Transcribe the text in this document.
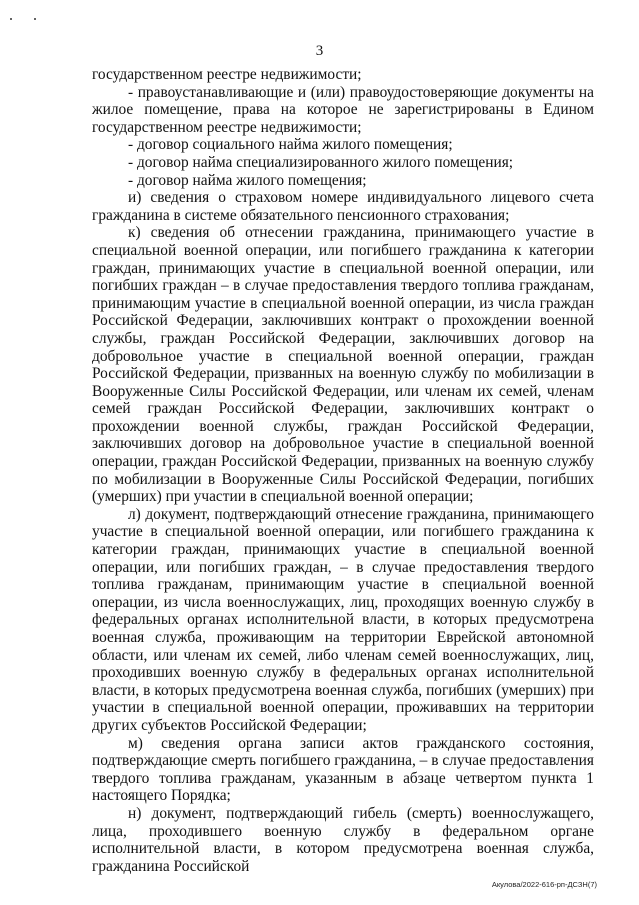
3

государственном реестре недвижимости;

- правоустанавливающие и (или) правоудостоверяющие документы на жилое помещение, права на которое не зарегистрированы в Едином государственном реестре недвижимости;

- договор социального найма жилого помещения;

- договор найма специализированного жилого помещения;

- договор найма жилого помещения;

и) сведения о страховом номере индивидуального лицевого счета гражданина в системе обязательного пенсионного страхования;

к) сведения об отнесении гражданина, принимающего участие в специальной военной операции, или погибшего гражданина к категории граждан, принимающих участие в специальной военной операции, или погибших граждан – в случае предоставления твердого топлива гражданам, принимающим участие в специальной военной операции, из числа граждан Российской Федерации, заключивших контракт о прохождении военной службы, граждан Российской Федерации, заключивших договор на добровольное участие в специальной военной операции, граждан Российской Федерации, призванных на военную службу по мобилизации в Вооруженные Силы Российской Федерации, или членам их семей, членам семей граждан Российской Федерации, заключивших контракт о прохождении военной службы, граждан Российской Федерации, заключивших договор на добровольное участие в специальной военной операции, граждан Российской Федерации, призванных на военную службу по мобилизации в Вооруженные Силы Российской Федерации, погибших (умерших) при участии в специальной военной операции;

л) документ, подтверждающий отнесение гражданина, принимающего участие в специальной военной операции, или погибшего гражданина к категории граждан, принимающих участие в специальной военной операции, или погибших граждан, – в случае предоставления твердого топлива гражданам, принимающим участие в специальной военной операции, из числа военнослужащих, лиц, проходящих военную службу в федеральных органах исполнительной власти, в которых предусмотрена военная служба, проживающим на территории Еврейской автономной области, или членам их семей, либо членам семей военнослужащих, лиц, проходивших военную службу в федеральных органах исполнительной власти, в которых предусмотрена военная служба, погибших (умерших) при участии в специальной военной операции, проживавших на территории других субъектов Российской Федерации;

м) сведения органа записи актов гражданского состояния, подтверждающие смерть погибшего гражданина, – в случае предоставления твердого топлива гражданам, указанным в абзаце четвертом пункта 1 настоящего Порядка;

н) документ, подтверждающий гибель (смерть) военнослужащего, лица, проходившего военную службу в федеральном органе исполнительной власти, в котором предусмотрена военная служба, гражданина Российской

Акулова/2022-616-рп-ДСЗН(7)
